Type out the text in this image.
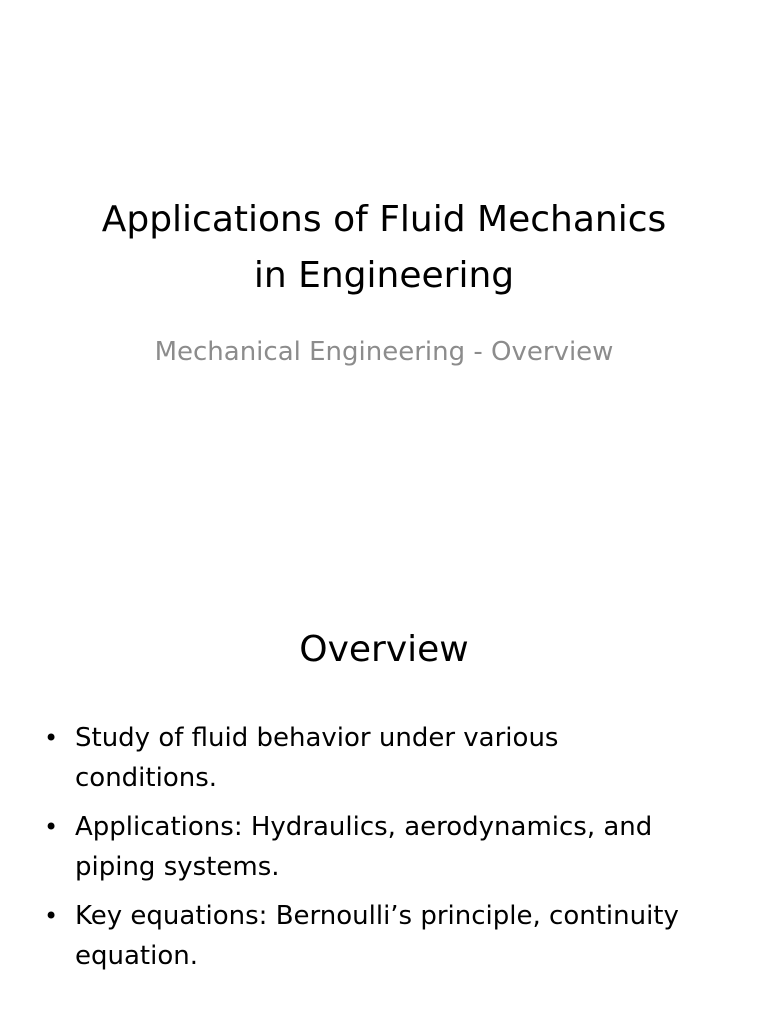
Applications of Fluid Mechanics
in Engineering

Mechanical Engineering - Overview

Overview
• Study of fluid behavior under various
conditions.
• Applications: Hydraulics, aerodynamics, and
piping systems.
• Key equations: Bernoulli’s principle, continuity
equation.
